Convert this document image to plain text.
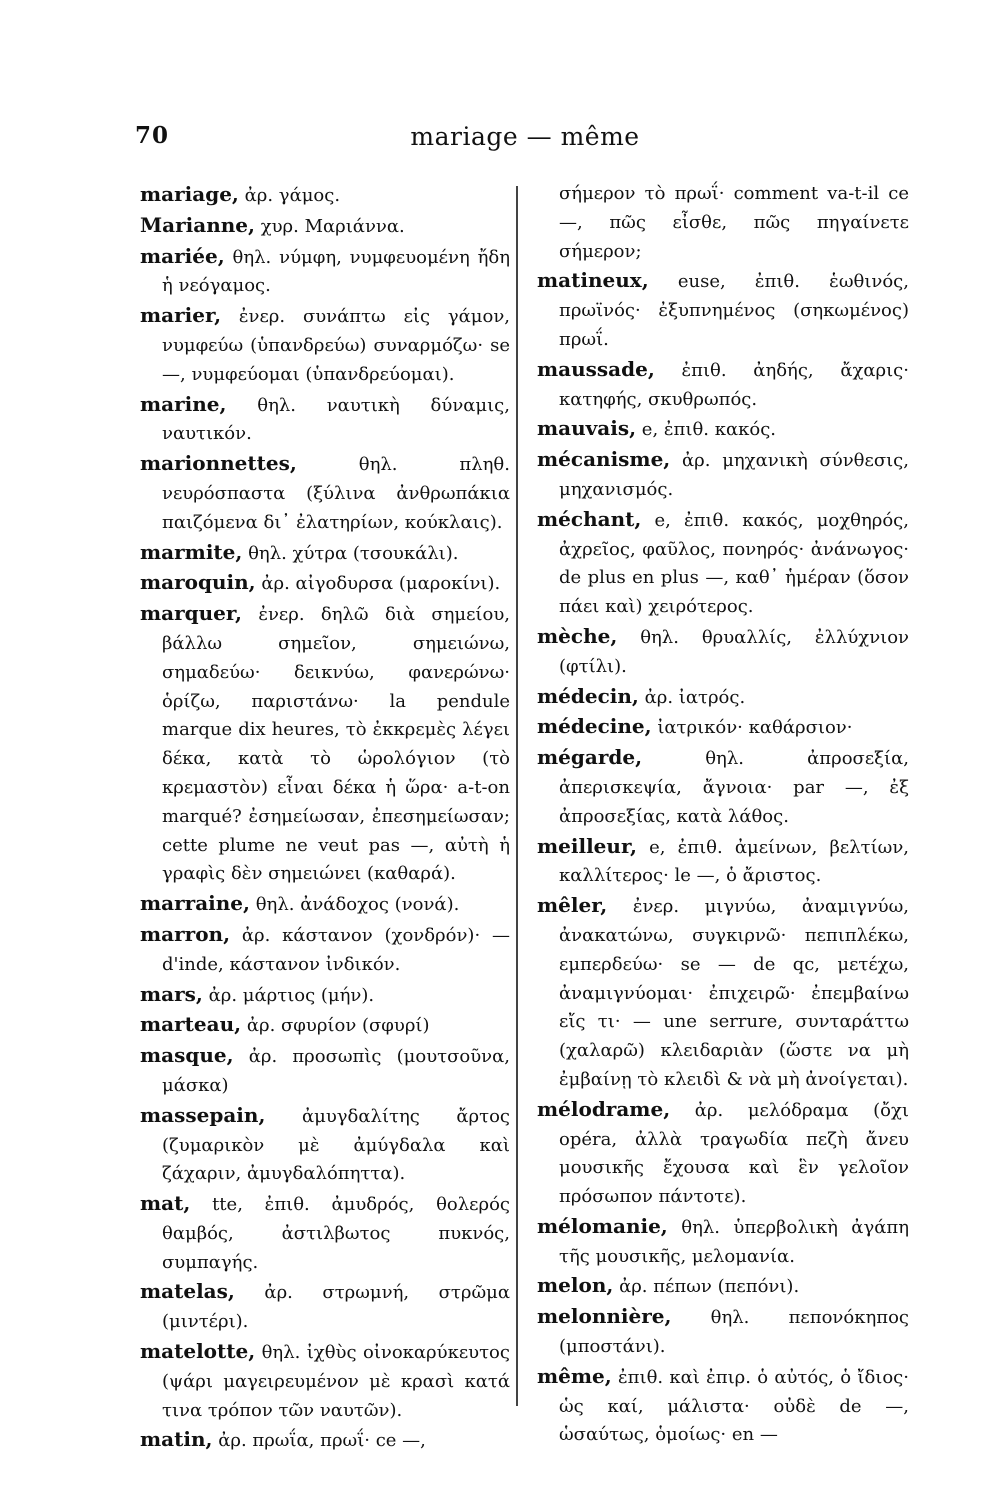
70	mariage — même

mariage, ἀρ. γάμος.

Marianne, χυρ. Μαριάννα.

mariée, θηλ. νύμφη, νυμφευομένη ἤδη ἡ νεόγαμος.

marier, ἐνερ. συνάπτω εἰς γάμον, νυμφεύω (ὑπανδρεύω) συναρμόζω· se —, νυμφεύομαι (ὑπανδρεύομαι).

marine, θηλ. ναυτικὴ δύναμις, ναυτικόν.

marionnettes,	θηλ. πληθ. νευρόσπαστα (ξύλινα ἀνθρωπάκια παιζόμενα δι᾽ ἐλατηρίων, κούκλαις).

marmite, θηλ. χύτρα (τσουκάλι).

maroquin, ἀρ. αἰγοδυρσα (μαροκίνι).

marquer, ἐνερ. δηλῶ διὰ σημείου, βάλλω σημεῖον, σημειώνω, σημαδεύω· δεικνύω, φανερώνω· ὁρίζω, παριστάνω· la pendule marque dix heures, τὸ ἐκκρεμὲς λέγει δέκα, κατὰ τὸ ὡρολόγιον (τὸ κρεμαστὸν) εἶναι δέκα ἡ ὥρα· a-t-on marqué? ἐσημείωσαν, ἐπεσημείωσαν; cette plume ne veut pas —, αὐτὴ ἡ γραφὶς δὲν σημειώνει (καθαρά).

marraine, θηλ. ἀνάδοχος (νονά).

marron, ἀρ. κάστανον (χονδρόν)· — d'inde, κάστανον ἰνδικόν.

mars, ἀρ. μάρτιος (μήν).

marteau, ἀρ. σφυρίον (σφυρί)

masque, ἀρ. προσωπὶς (μουτσοῦνα, μάσκα)

massepain, ἀμυγδαλίτης ἄρτος (ζυμαρικὸν μὲ ἀμύγδαλα καὶ ζάχαριν, ἀμυγδαλόπηττα).

mat, tte, ἐπιθ. ἀμυδρός, θολερός θαμβός, ἀστιλβωτος πυκνός, συμπαγής.

matelas, ἀρ. στρωμνή, στρῶμα (μιντέρι).

matelotte, θηλ. ἰχθὺς οἰνοκαρύκευτος (ψάρι μαγειρευμένον μὲ κρασὶ κατά τινα τρόπον τῶν ναυτῶν).

matin, ἀρ. πρωΐα, πρωΐ· ce —,

σήμερον τὸ πρωΐ· comment va-t-il ce —, πῶς εἶσθε, πῶς πηγαίνετε σήμερον;

matineux, euse, ἐπιθ. ἑωθινός, πρωϊνός· ἐξυπνημένος (σηκωμένος) πρωΐ.

maussade, ἐπιθ. ἀηδής, ἄχαρις· κατηφής, σκυθρωπός.

mauvais, e, ἐπιθ. κακός.

mécanisme, ἀρ. μηχανικὴ σύνθεσις, μηχανισμός.

méchant, e, ἐπιθ. κακός, μοχθηρός, ἀχρεῖος, φαῦλος, πονηρός· ἀνάνωγος· de plus en plus —, καθ᾽ ἡμέραν (ὅσον πάει καὶ) χειρότερος.

mèche, θηλ. θρυαλλίς, ἐλλύχνιον (φτίλι).

médecin, ἀρ. ἰατρός.

médecine, ἰατρικόν· καθάρσιον·

mégarde,	θηλ. ἀπροσεξία, ἀπερισκεψία, ἄγνοια· par —, ἐξ ἀπροσεξίας, κατὰ λάθος.

meilleur, e, ἐπιθ. ἀμείνων, βελτίων, καλλίτερος· le —, ὁ ἄριστος.

mêler, ἐνερ. μιγνύω, ἀναμιγνύω, ἀνακατώνω, συγκιρνῶ· πεπιπλέκω, εμπερδεύω· se — de qc, μετέχω, ἀναμιγνύομαι· ἐπιχειρῶ· ἐπεμβαίνω εἴς τι· — une serrure, συνταράττω (χαλαρῶ) κλειδαριὰν (ὥστε να μὴ ἐμβαίνῃ τὸ κλειδὶ & νὰ μὴ ἀνοίγεται).

mélodrame, ἀρ. μελόδραμα (ὄχι opéra, ἀλλὰ τραγωδία πεζὴ ἄνευ μουσικῆς ἔχουσα καὶ ἓν γελοῖον πρόσωπον πάντοτε).

mélomanie, θηλ. ὑπερβολικὴ ἀγάπη τῆς μουσικῆς, μελομανία.

melon, ἀρ. πέπων (πεπόνι).

melonnière, θηλ. πεπονόκηπος (μποστάνι).

même, ἐπιθ. καὶ ἐπιρ. ὁ αὐτός, ὁ ἴδιος· ὡς καί, μάλιστα· οὐδὲ de —, ὡσαύτως, ὁμοίως· en —
